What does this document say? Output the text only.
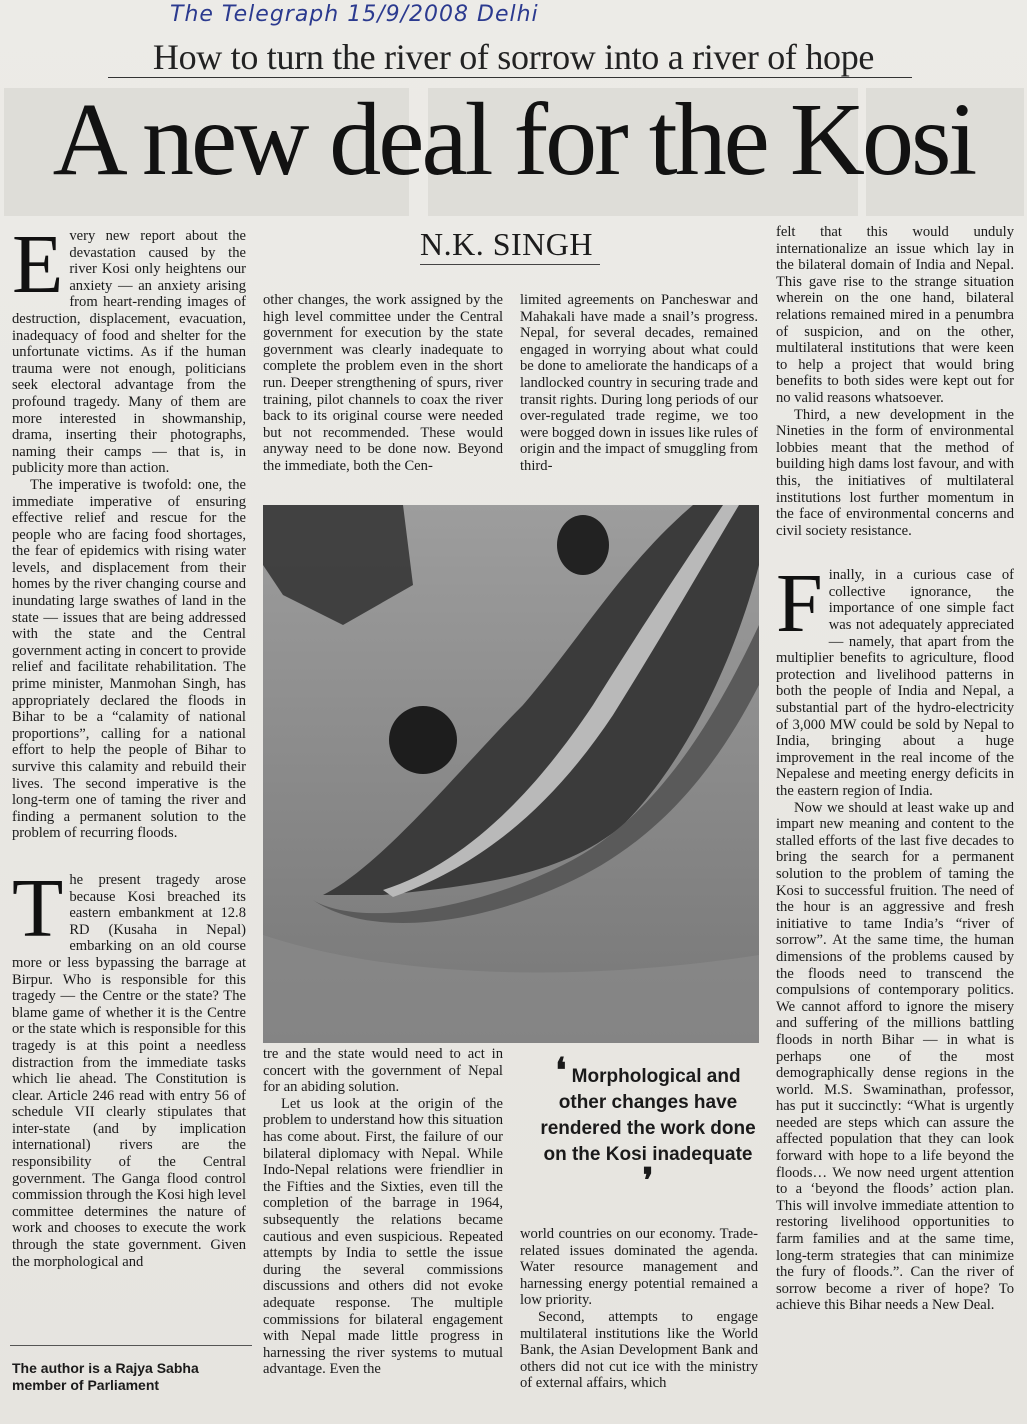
The Telegraph 15/9/2008 Delhi
How to turn the river of sorrow into a river of hope
A new deal for the Kosi
N.K. SINGH

Every new report about the devastation caused by the river Kosi only heightens our anxiety — an anxiety arising from heart-rending images of destruction, displacement, evacuation, inadequacy of food and shelter for the unfortunate victims. As if the human trauma were not enough, politicians seek electoral advantage from the profound tragedy. Many of them are more interested in showmanship, drama, inserting their photographs, naming their camps — that is, in publicity more than action.

The imperative is twofold: one, the immediate imperative of ensuring effective relief and rescue for the people who are facing food shortages, the fear of epidemics with rising water levels, and displacement from their homes by the river changing course and inundating large swathes of land in the state — issues that are being addressed with the state and the Central government acting in concert to provide relief and facilitate rehabilitation. The prime minister, Manmohan Singh, has appropriately declared the floods in Bihar to be a “calamity of national proportions”, calling for a national effort to help the people of Bihar to survive this calamity and rebuild their lives. The second imperative is the long-term one of taming the river and finding a permanent solution to the problem of recurring floods.

The present tragedy arose because Kosi breached its eastern embankment at 12.8 RD (Kusaha in Nepal) embarking on an old course more or less bypassing the barrage at Birpur. Who is responsible for this tragedy — the Centre or the state? The blame game of whether it is the Centre or the state which is responsible for this tragedy is at this point a needless distraction from the immediate tasks which lie ahead. The Constitution is clear. Article 246 read with entry 56 of schedule VII clearly stipulates that inter-state (and by implication international) rivers are the responsibility of the Central government. The Ganga flood control commission through the Kosi high level committee determines the nature of work and chooses to execute the work through the state government. Given the morphological and

The author is a Rajya Sabha member of Parliament

other changes, the work assigned by the high level committee under the Central government for execution by the state government was clearly inadequate to complete the problem even in the short run. Deeper strengthening of spurs, river training, pilot channels to coax the river back to its original course were needed but not recommended. These would anyway need to be done now. Beyond the immediate, both the Cen-

limited agreements on Pancheswar and Mahakali have made a snail’s progress. Nepal, for several decades, remained engaged in worrying about what could be done to ameliorate the handicaps of a landlocked country in securing trade and transit rights. During long periods of our over-regulated trade regime, we too were bogged down in issues like rules of origin and the impact of smuggling from third-

tre and the state would need to act in concert with the government of Nepal for an abiding solution.

Let us look at the origin of the problem to understand how this situation has come about. First, the failure of our bilateral diplomacy with Nepal. While Indo-Nepal relations were friendlier in the Fifties and the Sixties, even till the completion of the barrage in 1964, subsequently the relations became cautious and even suspicious. Repeated attempts by India to settle the issue during the several commissions discussions and others did not evoke adequate response. The multiple commissions for bilateral engagement with Nepal made little progress in harnessing the river systems to mutual advantage. Even the

❛ Morphological and other changes have rendered the work done on the Kosi inadequate ❜

world countries on our economy. Trade-related issues dominated the agenda. Water resource management and harnessing energy potential remained a low priority.

Second, attempts to engage multilateral institutions like the World Bank, the Asian Development Bank and others did not cut ice with the ministry of external affairs, which

felt that this would unduly internationalize an issue which lay in the bilateral domain of India and Nepal. This gave rise to the strange situation wherein on the one hand, bilateral relations remained mired in a penumbra of suspicion, and on the other, multilateral institutions that were keen to help a project that would bring benefits to both sides were kept out for no valid reasons whatsoever.

Third, a new development in the Nineties in the form of environmental lobbies meant that the method of building high dams lost favour, and with this, the initiatives of multilateral institutions lost further momentum in the face of environmental concerns and civil society resistance.

Finally, in a curious case of collective ignorance, the importance of one simple fact was not adequately appreciated — namely, that apart from the multiplier benefits to agriculture, flood protection and livelihood patterns in both the people of India and Nepal, a substantial part of the hydro-electricity of 3,000 MW could be sold by Nepal to India, bringing about a huge improvement in the real income of the Nepalese and meeting energy deficits in the eastern region of India.

Now we should at least wake up and impart new meaning and content to the stalled efforts of the last five decades to bring the search for a permanent solution to the problem of taming the Kosi to successful fruition. The need of the hour is an aggressive and fresh initiative to tame India’s “river of sorrow”. At the same time, the human dimensions of the problems caused by the floods need to transcend the compulsions of contemporary politics. We cannot afford to ignore the misery and suffering of the millions battling floods in north Bihar — in what is perhaps one of the most demographically dense regions in the world. M.S. Swaminathan, professor, has put it succinctly: “What is urgently needed are steps which can assure the affected population that they can look forward with hope to a life beyond the floods… We now need urgent attention to a ‘beyond the floods’ action plan. This will involve immediate attention to restoring livelihood opportunities to farm families and at the same time, long-term strategies that can minimize the fury of floods.”. Can the river of sorrow become a river of hope? To achieve this Bihar needs a New Deal.
